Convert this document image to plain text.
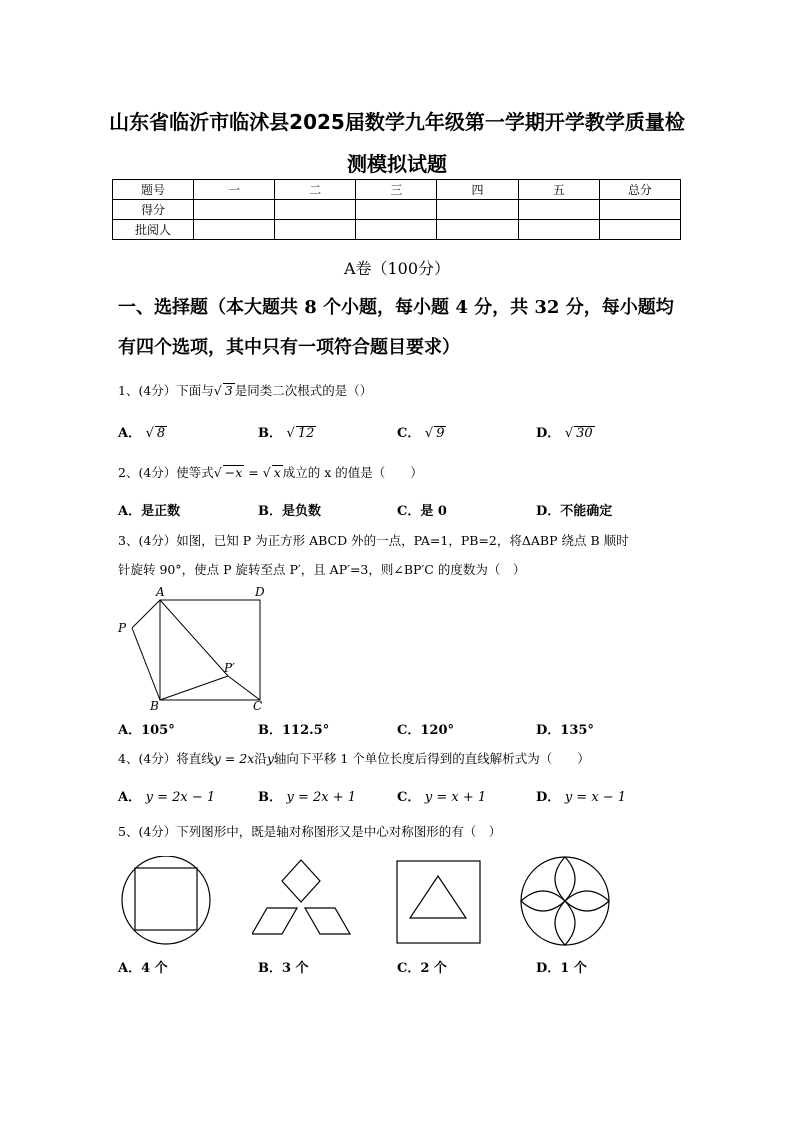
山东省临沂市临沭县2025届数学九年级第一学期开学教学质量检
测模拟试题
题号	一	二	三	四	五	总分
得分						
批阅人						
A卷（100分）
一、选择题（本大题共 8 个小题，每小题 4 分，共 32 分，每小题均
有四个选项，其中只有一项符合题目要求）
1、(4分）下面与√ 3 是同类二次根式的是（）
A． √ 8	B． √ 12	C． √ 9	D． √ 30
2、(4分）使等式√ −x = √ x 成立的 x 的值是（　　）
A．是正数	B．是负数	C．是 0	D．不能确定
3、(4分）如图，已知 P 为正方形 ABCD 外的一点，PA=1，PB=2，将ΔABP 绕点 B 顺时
针旋转 90°，使点 P 旋转至点 P′，且 AP′=3，则∠BP′C 的度数为（　）
A	D
P
P′
B	C
A．105°	B．112.5°	C．120°	D．135°
4、(4分）将直线y = 2x沿y轴向下平移 1 个单位长度后得到的直线解析式为（　　）
A． y = 2x − 1	B． y = 2x + 1	C． y = x + 1	D． y = x − 1
5、(4分）下列图形中，既是轴对称图形又是中心对称图形的有（　）
A．4 个	B．3 个	C．2 个	D．1 个
